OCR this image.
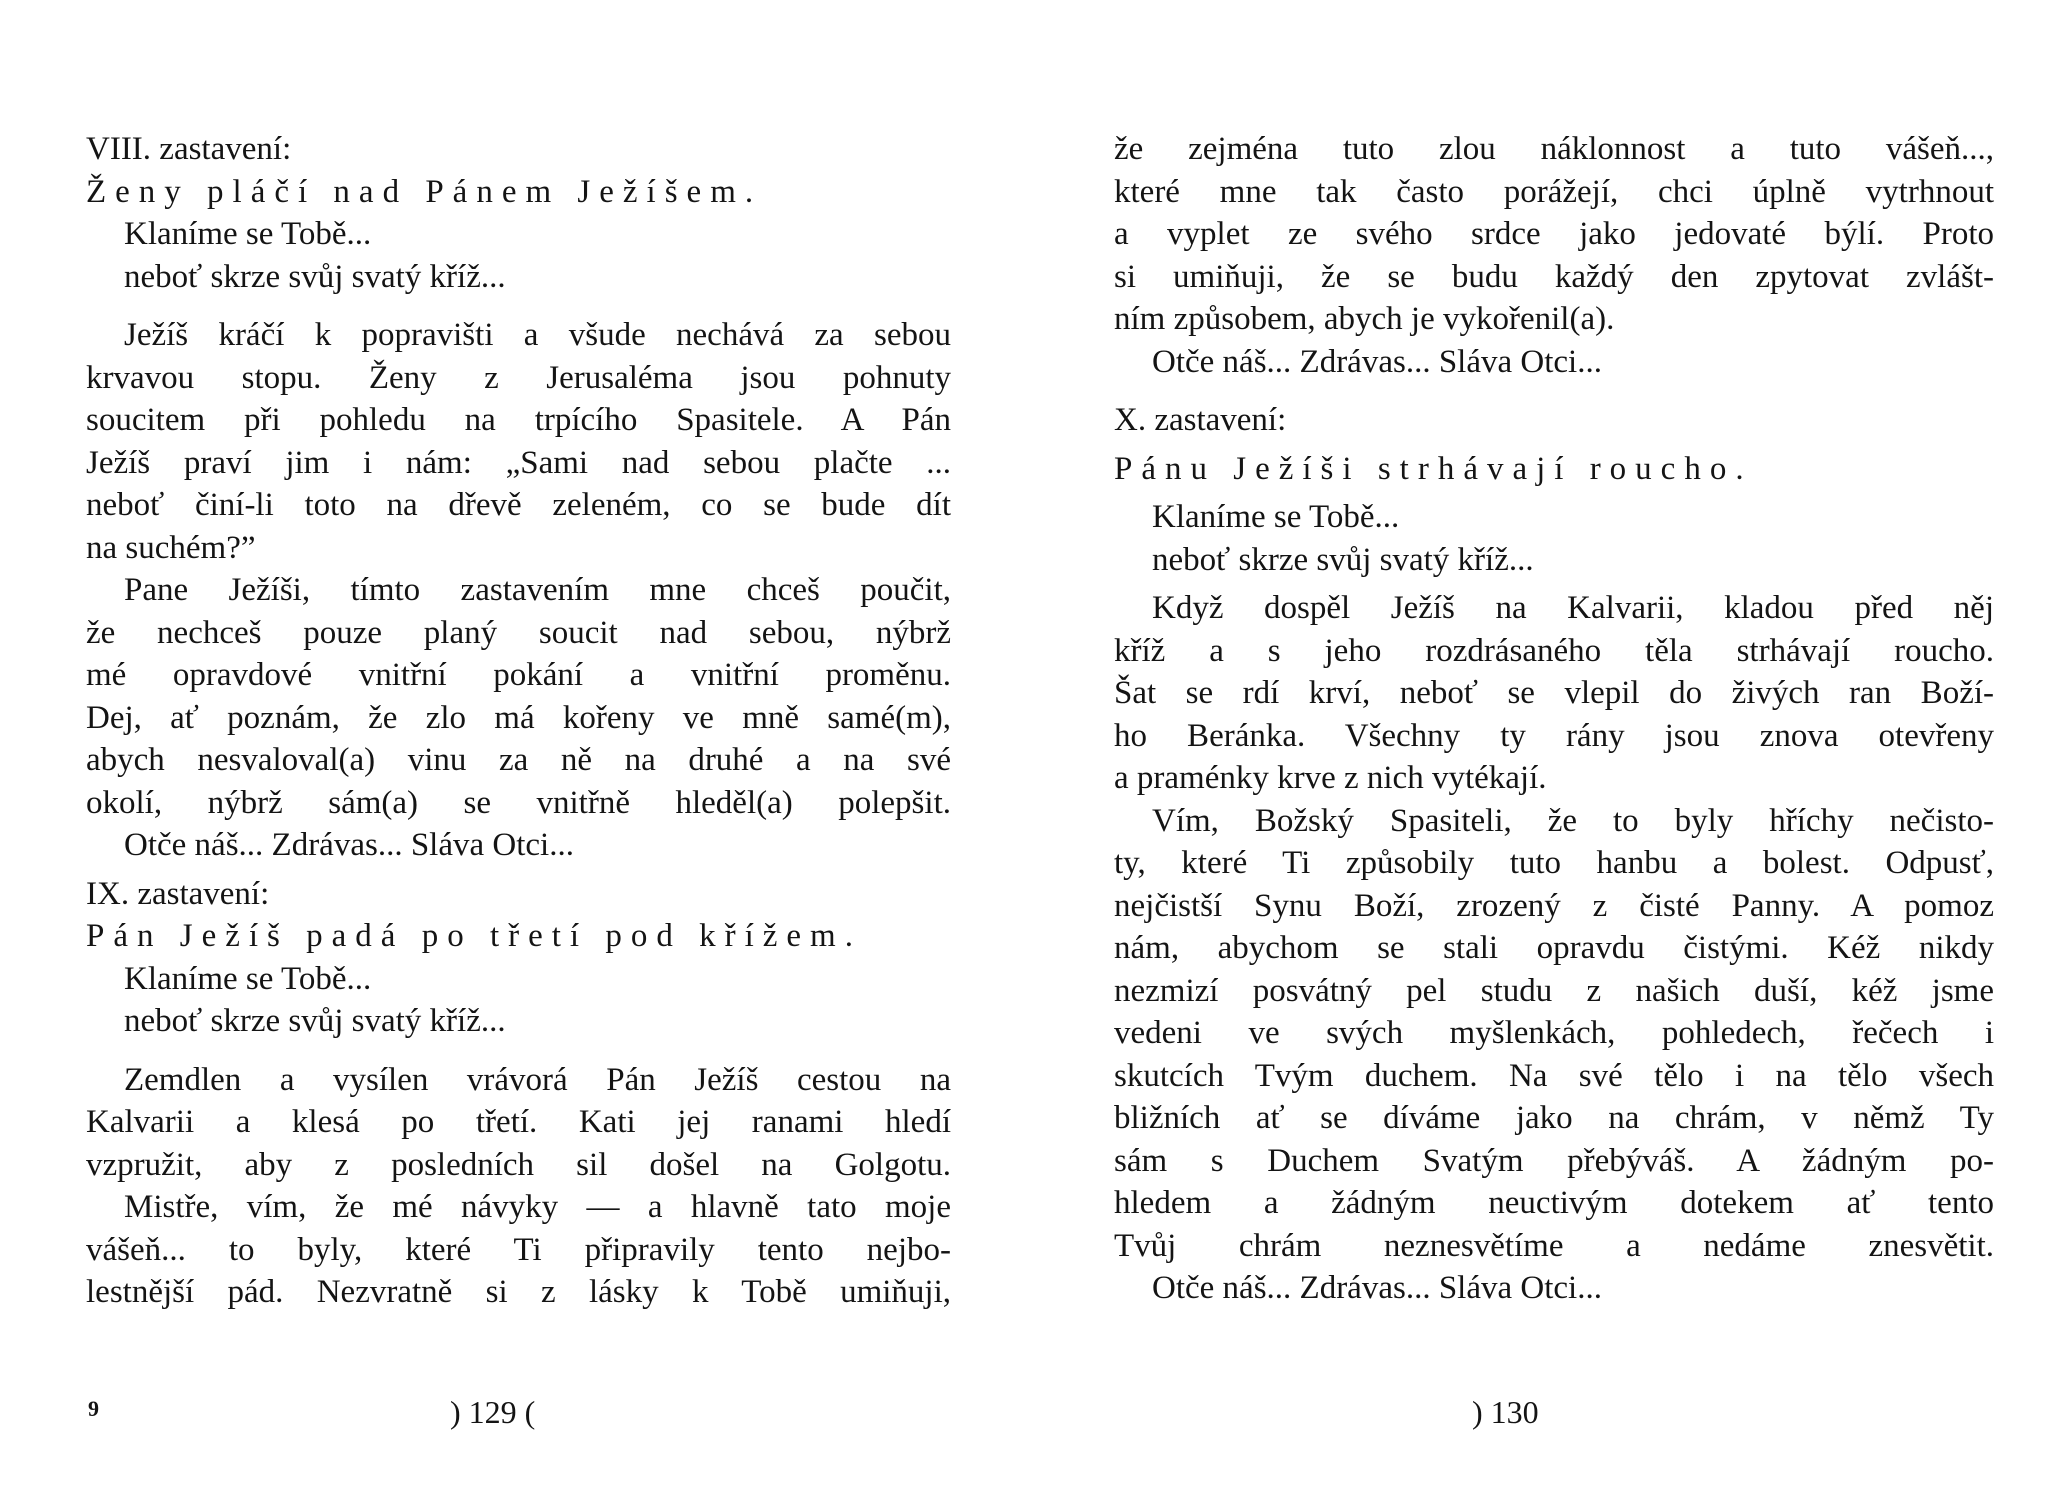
VIII. zastavení:

Ženy pláčí nad Pánem Ježíšem.

Klaníme se Tobě...

neboť skrze svůj svatý kříž...

Ježíš kráčí k popravišti a všude nechává za sebou

krvavou stopu. Ženy z Jerusaléma jsou pohnuty

soucitem při pohledu na trpícího Spasitele. A Pán

Ježíš praví jim i nám: „Sami nad sebou plačte ...

neboť činí-li toto na dřevě zeleném, co se bude dít

na suchém?”

Pane Ježíši, tímto zastavením mne chceš poučit,

že nechceš pouze planý soucit nad sebou, nýbrž

mé opravdové vnitřní pokání a vnitřní proměnu.

Dej, ať poznám, že zlo má kořeny ve mně samé(m),

abych nesvaloval(a) vinu za ně na druhé a na své

okolí, nýbrž sám(a) se vnitřně hleděl(a) polepšit.

Otče náš... Zdrávas... Sláva Otci...

IX. zastavení:

Pán Ježíš padá po třetí pod křížem.

Klaníme se Tobě...

neboť skrze svůj svatý kříž...

Zemdlen a vysílen vrávorá Pán Ježíš cestou na

Kalvarii a klesá po třetí. Kati jej ranami hledí

vzpružit, aby z posledních sil došel na Golgotu.

Mistře, vím, že mé návyky — a hlavně tato moje

vášeň... to byly, které Ti připravily tento nejbo-

lestnější pád. Nezvratně si z lásky k Tobě umiňuji,

9	) 129 (

že zejména tuto zlou náklonnost a tuto vášeň...,

které mne tak často porážejí, chci úplně vytrhnout

a vyplet ze svého srdce jako jedovaté býlí. Proto

si umiňuji, že se budu každý den zpytovat zvlášt-

ním způsobem, abych je vykořenil(a).

Otče náš... Zdrávas... Sláva Otci...

X. zastavení:

Pánu Ježíši strhávají roucho.

Klaníme se Tobě...

neboť skrze svůj svatý kříž...

Když dospěl Ježíš na Kalvarii, kladou před něj

kříž a s jeho rozdrásaného těla strhávají roucho.

Šat se rdí krví, neboť se vlepil do živých ran Boží-

ho Beránka. Všechny ty rány jsou znova otevřeny

a praménky krve z nich vytékají.

Vím, Božský Spasiteli, že to byly hříchy nečisto-

ty, které Ti způsobily tuto hanbu a bolest. Odpusť,

nejčistší Synu Boží, zrozený z čisté Panny. A pomoz

nám, abychom se stali opravdu čistými. Kéž nikdy

nezmizí posvátný pel studu z našich duší, kéž jsme

vedeni ve svých myšlenkách, pohledech, řečech i

skutcích Tvým duchem. Na své tělo i na tělo všech

bližních ať se díváme jako na chrám, v němž Ty

sám s Duchem Svatým přebýváš. A žádným po-

hledem a žádným neuctivým dotekem ať tento

Tvůj chrám neznesvětíme a nedáme znesvětit.

Otče náš... Zdrávas... Sláva Otci...

) 130
